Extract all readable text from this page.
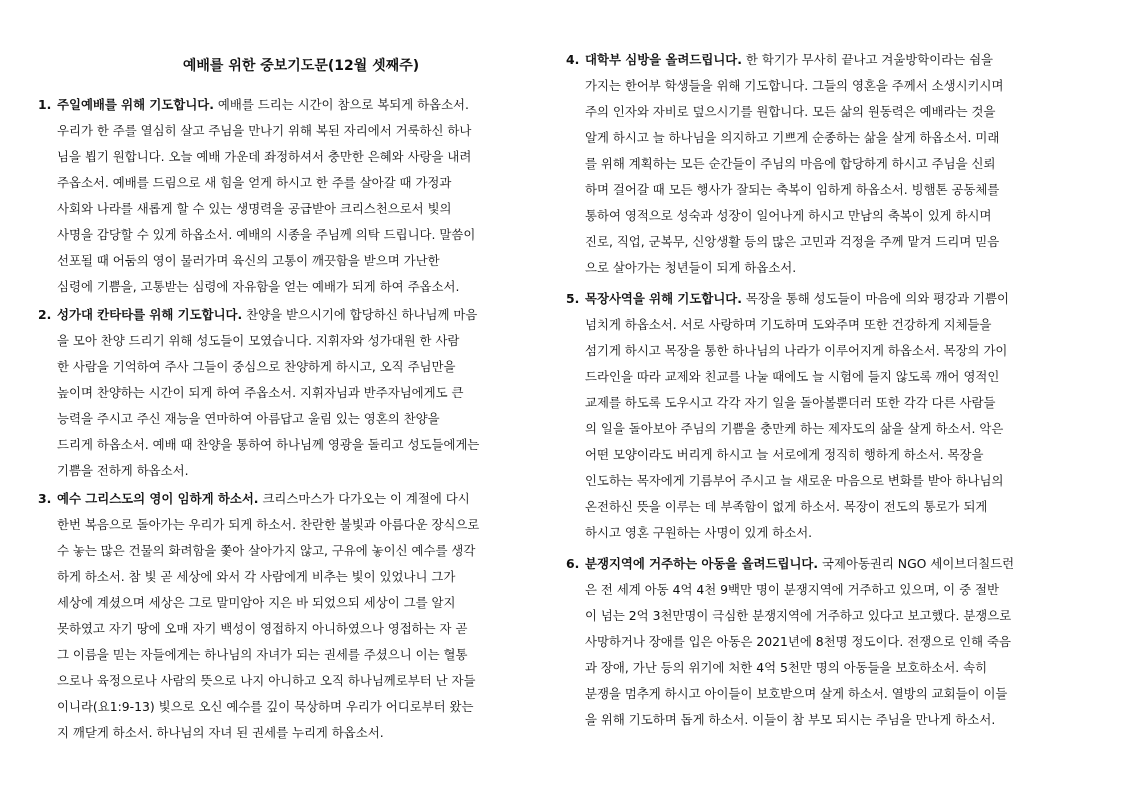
예배를 위한 중보기도문(12월 셋째주)
1. 주일예배를 위해 기도합니다. 예배를 드리는 시간이 참으로 복되게 하옵소서.
우리가 한 주를 열심히 살고 주님을 만나기 위해 복된 자리에서 거룩하신 하나
님을 뵙기 원합니다. 오늘 예배 가운데 좌정하셔서 충만한 은혜와 사랑을 내려
주옵소서. 예배를 드림으로 새 힘을 얻게 하시고 한 주를 살아갈 때 가정과
사회와 나라를 새롭게 할 수 있는 생명력을 공급받아 크리스천으로서 빛의
사명을 감당할 수 있게 하옵소서. 예배의 시종을 주님께 의탁 드립니다. 말씀이
선포될 때 어둠의 영이 물러가며 육신의 고통이 깨끗함을 받으며 가난한
심령에 기쁨을, 고통받는 심령에 자유함을 얻는 예배가 되게 하여 주옵소서.
2. 성가대 칸타타를 위해 기도합니다. 찬양을 받으시기에 합당하신 하나님께 마음
을 모아 찬양 드리기 위해 성도들이 모였습니다. 지휘자와 성가대원 한 사람
한 사람을 기억하여 주사 그들이 중심으로 찬양하게 하시고, 오직 주님만을
높이며 찬양하는 시간이 되게 하여 주옵소서. 지휘자님과 반주자님에게도 큰
능력을 주시고 주신 재능을 연마하여 아름답고 울림 있는 영혼의 찬양을
드리게 하옵소서. 예배 때 찬양을 통하여 하나님께 영광을 돌리고 성도들에게는
기쁨을 전하게 하옵소서.
3. 예수 그리스도의 영이 임하게 하소서. 크리스마스가 다가오는 이 계절에 다시
한번 복음으로 돌아가는 우리가 되게 하소서. 찬란한 불빛과 아름다운 장식으로
수 놓는 많은 건물의 화려함을 쫓아 살아가지 않고, 구유에 놓이신 예수를 생각
하게 하소서. 참 빛 곧 세상에 와서 각 사람에게 비추는 빛이 있었나니 그가
세상에 계셨으며 세상은 그로 말미암아 지은 바 되었으되 세상이 그를 알지
못하였고 자기 땅에 오매 자기 백성이 영접하지 아니하였으나 영접하는 자 곧
그 이름을 믿는 자들에게는 하나님의 자녀가 되는 권세를 주셨으니 이는 혈통
으로나 육정으로나 사람의 뜻으로 나지 아니하고 오직 하나님께로부터 난 자들
이니라(요1:9-13) 빛으로 오신 예수를 깊이 묵상하며 우리가 어디로부터 왔는
지 깨닫게 하소서. 하나님의 자녀 된 권세를 누리게 하옵소서.
4. 대학부 심방을 올려드립니다. 한 학기가 무사히 끝나고 겨울방학이라는 쉼을
가지는 한어부 학생들을 위해 기도합니다. 그들의 영혼을 주께서 소생시키시며
주의 인자와 자비로 덮으시기를 원합니다. 모든 삶의 원동력은 예배라는 것을
알게 하시고 늘 하나님을 의지하고 기쁘게 순종하는 삶을 살게 하옵소서. 미래
를 위해 계획하는 모든 순간들이 주님의 마음에 합당하게 하시고 주님을 신뢰
하며 걸어갈 때 모든 행사가 잘되는 축복이 임하게 하옵소서. 빙햄톤 공동체를
통하여 영적으로 성숙과 성장이 일어나게 하시고 만남의 축복이 있게 하시며
진로, 직업, 군복무, 신앙생활 등의 많은 고민과 걱정을 주께 맡겨 드리며 믿음
으로 살아가는 청년들이 되게 하옵소서.
5. 목장사역을 위해 기도합니다. 목장을 통해 성도들이 마음에 의와 평강과 기쁨이
넘치게 하옵소서. 서로 사랑하며 기도하며 도와주며 또한 건강하게 지체들을
섬기게 하시고 목장을 통한 하나님의 나라가 이루어지게 하옵소서. 목장의 가이
드라인을 따라 교제와 친교를 나눌 때에도 늘 시험에 들지 않도록 깨어 영적인
교제를 하도록 도우시고 각각 자기 일을 돌아볼뿐더러 또한 각각 다른 사람들
의 일을 돌아보아 주님의 기쁨을 충만케 하는 제자도의 삶을 살게 하소서. 악은
어떤 모양이라도 버리게 하시고 늘 서로에게 정직히 행하게 하소서. 목장을
인도하는 목자에게 기름부어 주시고 늘 새로운 마음으로 변화를 받아 하나님의
온전하신 뜻을 이루는 데 부족함이 없게 하소서. 목장이 전도의 통로가 되게
하시고 영혼 구원하는 사명이 있게 하소서.
6. 분쟁지역에 거주하는 아동을 올려드립니다. 국제아동권리 NGO 세이브더칠드런
은 전 세계 아동 4억 4천 9백만 명이 분쟁지역에 거주하고 있으며, 이 중 절반
이 넘는 2억 3천만명이 극심한 분쟁지역에 거주하고 있다고 보고했다. 분쟁으로
사망하거나 장애를 입은 아동은 2021년에 8천명 정도이다. 전쟁으로 인해 죽음
과 장애, 가난 등의 위기에 처한 4억 5천만 명의 아동들을 보호하소서. 속히
분쟁을 멈추게 하시고 아이들이 보호받으며 살게 하소서. 열방의 교회들이 이들
을 위해 기도하며 돕게 하소서. 이들이 참 부모 되시는 주님을 만나게 하소서.
